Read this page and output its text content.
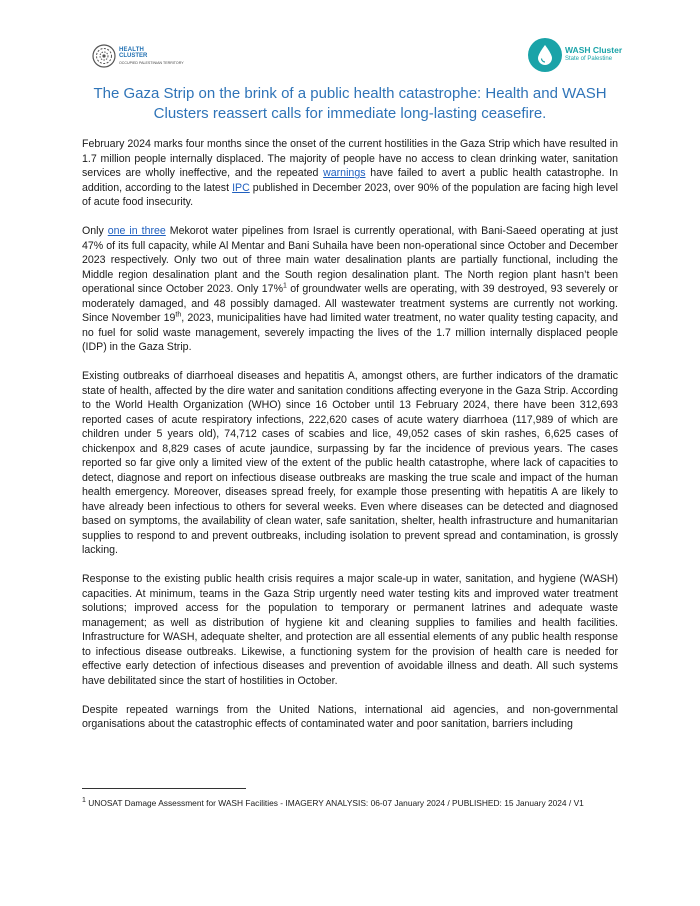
HEALTH
CLUSTER
OCCUPIED PALESTINIAN TERRITORY
WASH Cluster
State of Palestine
The Gaza Strip on the brink of a public health catastrophe: Health and WASH Clusters reassert calls for immediate long-lasting ceasefire.

February 2024 marks four months since the onset of the current hostilities in the Gaza Strip which have resulted in 1.7 million people internally displaced. The majority of people have no access to clean drinking water, sanitation services are wholly ineffective, and the repeated warnings have failed to avert a public health catastrophe. In addition, according to the latest IPC published in December 2023, over 90% of the population are facing high level of acute food insecurity.

Only one in three Mekorot water pipelines from Israel is currently operational, with Bani-Saeed operating at just 47% of its full capacity, while Al Mentar and Bani Suhaila have been non-operational since October and December 2023 respectively. Only two out of three main water desalination plants are partially functional, including the Middle region desalination plant and the South region desalination plant. The North region plant hasn’t been operational since October 2023. Only 17%$^1$ of groundwater wells are operating, with 39 destroyed, 93 severely or moderately damaged, and 48 possibly damaged. All wastewater treatment systems are currently not working. Since November 19th, 2023, municipalities have had limited water treatment, no water quality testing capacity, and no fuel for solid waste management, severely impacting the lives of the 1.7 million internally displaced people (IDP) in the Gaza Strip.

Existing outbreaks of diarrhoeal diseases and hepatitis A, amongst others, are further indicators of the dramatic state of health, affected by the dire water and sanitation conditions affecting everyone in the Gaza Strip. According to the World Health Organization (WHO) since 16 October until 13 February 2024, there have been 312,693 reported cases of acute respiratory infections, 222,620 cases of acute watery diarrhoea (117,989 of which are children under 5 years old), 74,712 cases of scabies and lice, 49,052 cases of skin rashes, 6,625 cases of chickenpox and 8,829 cases of acute jaundice, surpassing by far the incidence of previous years. The cases reported so far give only a limited view of the extent of the public health catastrophe, where lack of capacities to detect, diagnose and report on infectious disease outbreaks are masking the true scale and impact of the human health emergency. Moreover, diseases spread freely, for example those presenting with hepatitis A are likely to have already been infectious to others for several weeks. Even where diseases can be detected and diagnosed based on symptoms, the availability of clean water, safe sanitation, shelter, health infrastructure and humanitarian supplies to respond to and prevent outbreaks, including isolation to prevent spread and contamination, is grossly lacking.

Response to the existing public health crisis requires a major scale-up in water, sanitation, and hygiene (WASH) capacities. At minimum, teams in the Gaza Strip urgently need water testing kits and improved water treatment solutions; improved access for the population to temporary or permanent latrines and adequate waste management; as well as distribution of hygiene kit and cleaning supplies to families and health facilities. Infrastructure for WASH, adequate shelter, and protection are all essential elements of any public health response to infectious disease outbreaks. Likewise, a functioning system for the provision of health care is needed for effective early detection of infectious diseases and prevention of avoidable illness and death. All such systems have debilitated since the start of hostilities in October.

Despite repeated warnings from the United Nations, international aid agencies, and non-governmental organisations about the catastrophic effects of contaminated water and poor sanitation, barriers including

$^1$ UNOSAT Damage Assessment for WASH Facilities - IMAGERY ANALYSIS: 06-07 January 2024 / PUBLISHED: 15 January 2024 / V1
